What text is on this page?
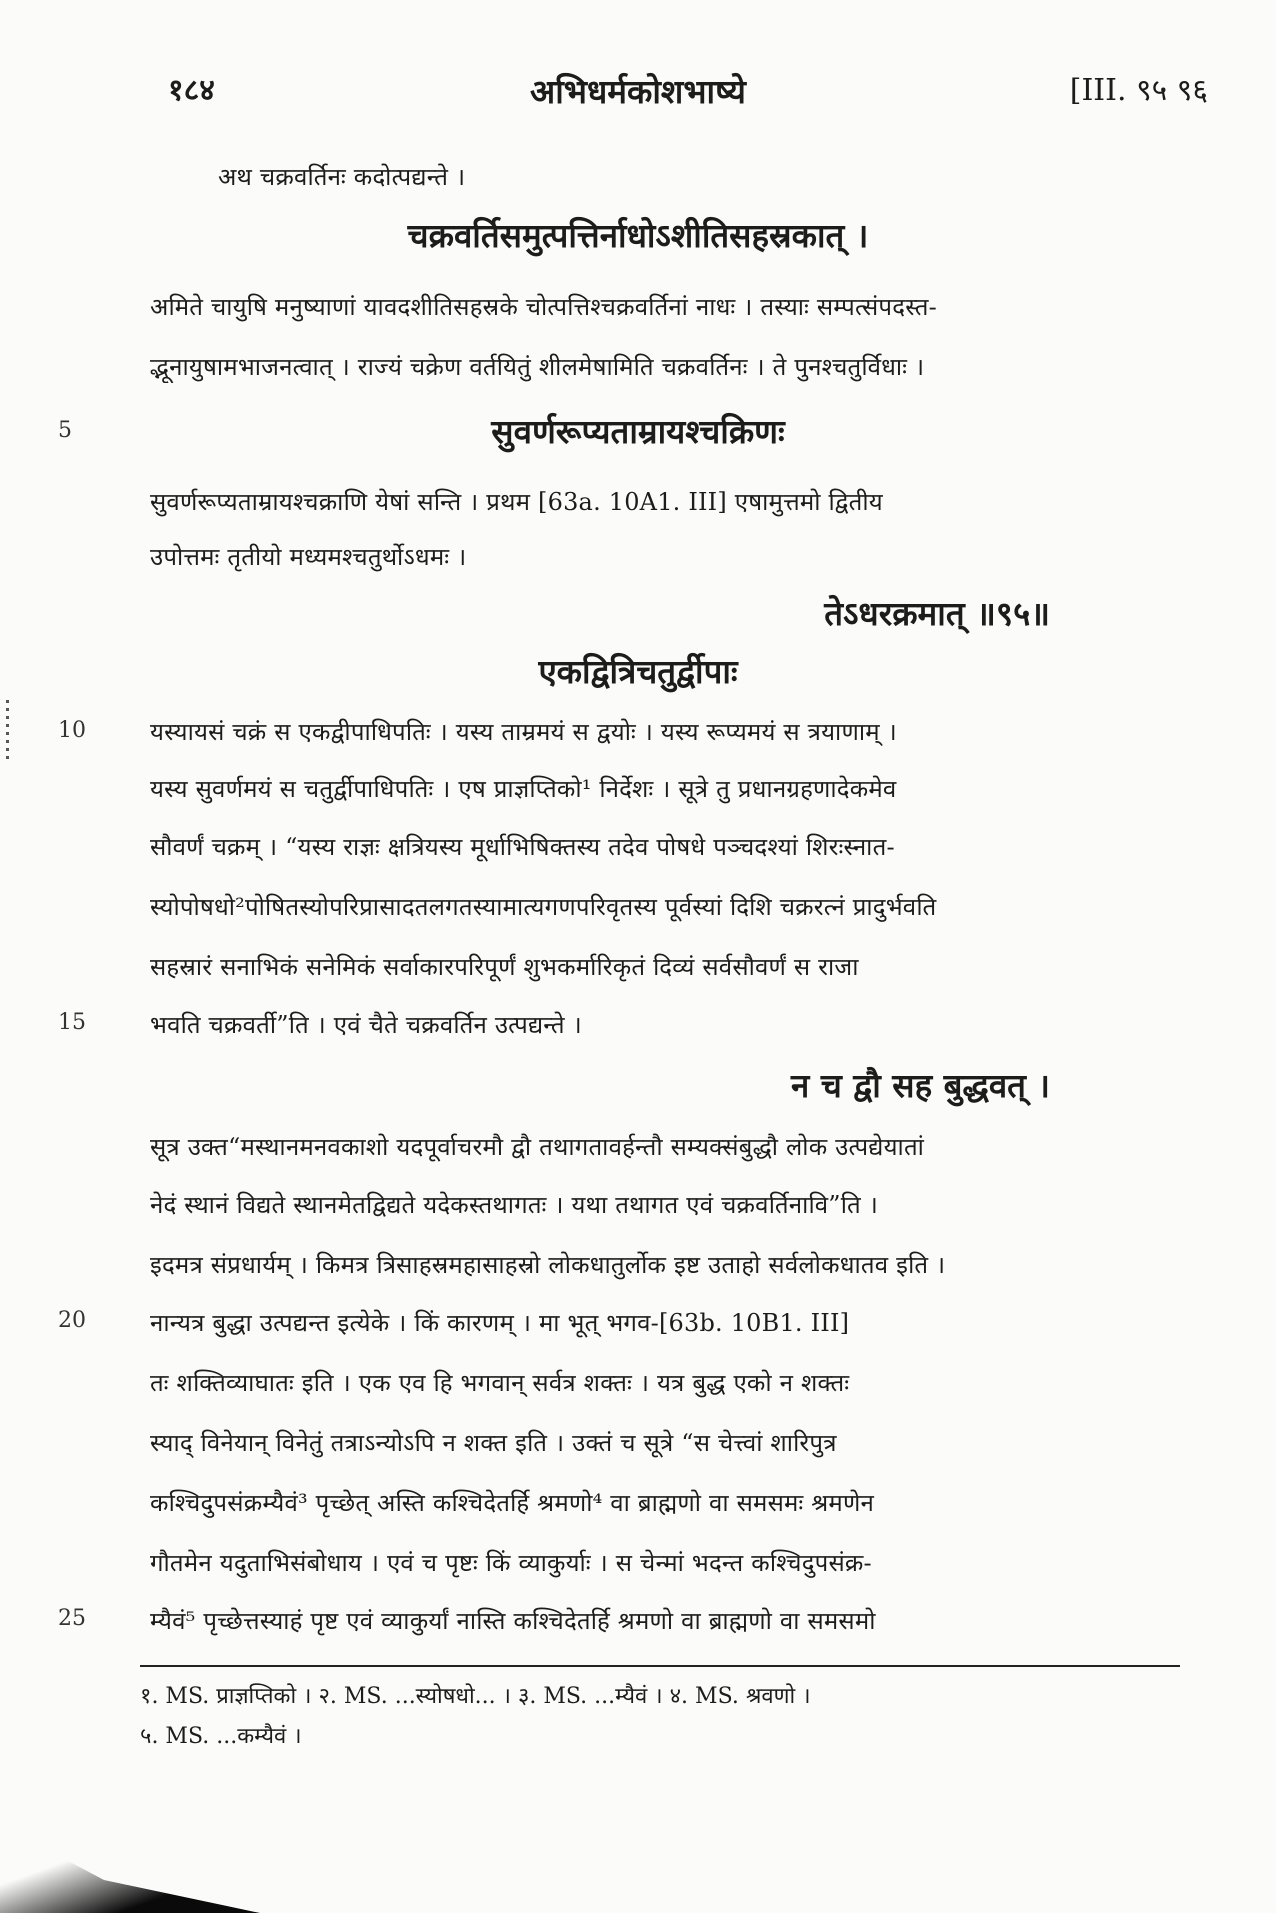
१८४	अभिधर्मकोशभाष्ये	[III. ९५ ९६
अथ चक्रवर्तिनः कदोत्पद्यन्ते ।
चक्रवर्तिसमुत्पत्तिर्नाधोऽशीतिसहस्रकात् ।
अमिते चायुषि मनुष्याणां यावदशीतिसहस्रके चोत्पत्तिश्चक्रवर्तिनां नाधः । तस्याः सम्पत्संपदस्त-
द्भूनायुषामभाजनत्वात् । राज्यं चक्रेण वर्तयितुं शीलमेषामिति चक्रवर्तिनः । ते पुनश्चतुर्विधाः ।
5	सुवर्णरूप्यताम्रायश्चक्रिणः
सुवर्णरूप्यताम्रायश्चक्राणि येषां सन्ति । प्रथम [63a. 10A1. III] एषामुत्तमो द्वितीय
उपोत्तमः तृतीयो मध्यमश्चतुर्थोऽधमः ।
तेऽधरक्रमात् ॥९५॥
एकद्वित्रिचतुर्द्वीपाः
10	यस्यायसं चक्रं स एकद्वीपाधिपतिः । यस्य ताम्रमयं स द्वयोः । यस्य रूप्यमयं स त्रयाणाम् ।
यस्य सुवर्णमयं स चतुर्द्वीपाधिपतिः । एष प्राज्ञप्तिको¹ निर्देशः । सूत्रे तु प्रधानग्रहणादेकमेव
सौवर्णं चक्रम् । “यस्य राज्ञः क्षत्रियस्य मूर्धाभिषिक्तस्य तदेव पोषधे पञ्चदश्यां शिरःस्नात-
स्योपोषधो²पोषितस्योपरिप्रासादतलगतस्यामात्यगणपरिवृतस्य पूर्वस्यां दिशि चक्ररत्नं प्रादुर्भवति
सहस्रारं सनाभिकं सनेमिकं सर्वाकारपरिपूर्णं शुभकर्मारिकृतं दिव्यं सर्वसौवर्णं स राजा
15	भवति चक्रवर्ती”ति । एवं चैते चक्रवर्तिन उत्पद्यन्ते ।
न च द्वौ सह बुद्धवत् ।
सूत्र उक्त“मस्थानमनवकाशो यदपूर्वाचरमौ द्वौ तथागतावर्हन्तौ सम्यक्संबुद्धौ लोक उत्पद्येयातां
नेदं स्थानं विद्यते स्थानमेतद्विद्यते यदेकस्तथागतः । यथा तथागत एवं चक्रवर्तिनावि”ति ।
इदमत्र संप्रधार्यम् । किमत्र त्रिसाहस्रमहासाहस्रो लोकधातुर्लोक इष्ट उताहो सर्वलोकधातव इति ।
20	नान्यत्र बुद्धा उत्पद्यन्त इत्येके । किं कारणम् । मा भूत् भगव-[63b. 10B1. III]
तः शक्तिव्याघातः इति । एक एव हि भगवान् सर्वत्र शक्तः । यत्र बुद्ध एको न शक्तः
स्याद् विनेयान् विनेतुं तत्राऽन्योऽपि न शक्त इति । उक्तं च सूत्रे “स चेत्त्वां शारिपुत्र
कश्चिदुपसंक्रम्यैवं³ पृच्छेत् अस्ति कश्चिदेतर्हि श्रमणो⁴ वा ब्राह्मणो वा समसमः श्रमणेन
गौतमेन यदुताभिसंबोधाय । एवं च पृष्टः किं व्याकुर्याः । स चेन्मां भदन्त कश्चिदुपसंक्र-
25	म्यैवं⁵ पृच्छेत्तस्याहं पृष्ट एवं व्याकुर्यां नास्ति कश्चिदेतर्हि श्रमणो वा ब्राह्मणो वा समसमो
१. MS. प्राज्ञप्तिको । २. MS. ...स्योषधो... । ३. MS. ...म्यैवं । ४. MS. श्रवणो ।
५. MS. ...कम्यैवं ।
